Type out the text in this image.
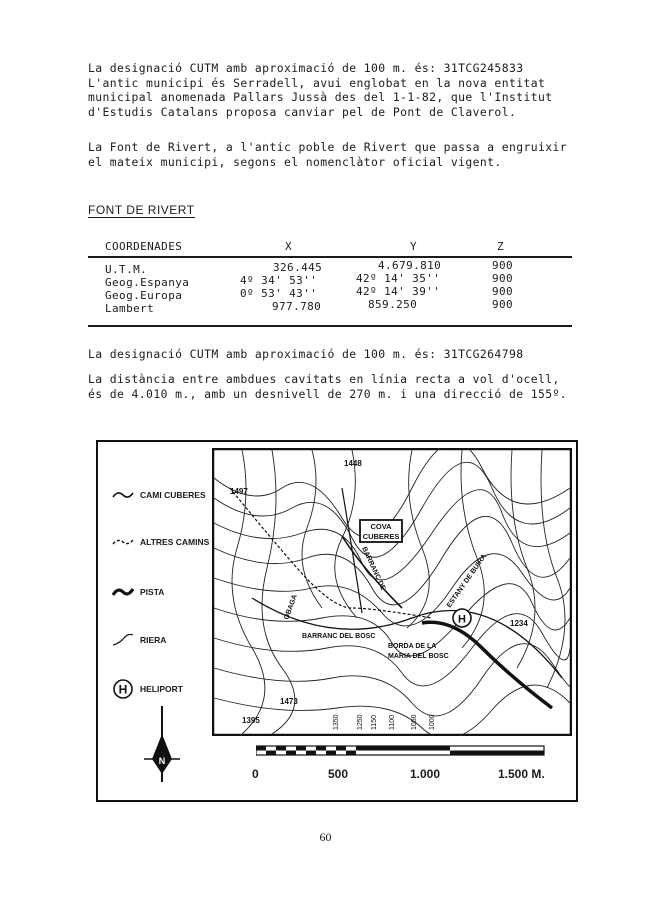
La designació CUTM amb aproximació de 100 m. és: 31TCG245833 L'antic municipi és Serradell, avui englobat en la nova entitat municipal anomenada Pallars Jussà des del 1-1-82, que l'Institut d'Estudis Catalans proposa canviar pel de Pont de Claverol.

La Font de Rivert, a l'antic poble de Rivert que passa a engruixir el mateix municipi, segons el nomenclàtor oficial vigent.

FONT DE RIVERT
COORDENADES	X	Y	Z
U.T.M.	326.445	4.679.810	900
Geog.Espanya	4º 34' 53''	42º 14' 35''	900
Geog.Europa	0º 53' 43''	42º 14' 39''	900
Lambert	977.780	859.250	900

La designació CUTM amb aproximació de 100 m. és: 31TCG264798

La distància entre ambdues cavitats en línia recta a vol d'ocell, és de 4.010 m., amb un desnivell de 270 m. i una direcció de 155º.

CAMI CUBERES
ALTRES CAMINS
PISTA
RIERA
H HELIPORT
N
COVA
CUBERES
H
1448
1497
1234
1473
1395
BARRANC DEL BOSC
BORDA DE LA
MARIA DEL BOSC
OBAGA
BARRANC DE	ESTANY DE BUIRA
1350 1250 1150 1100 1050 1000
0	500	1.000	1.500 M.
60
